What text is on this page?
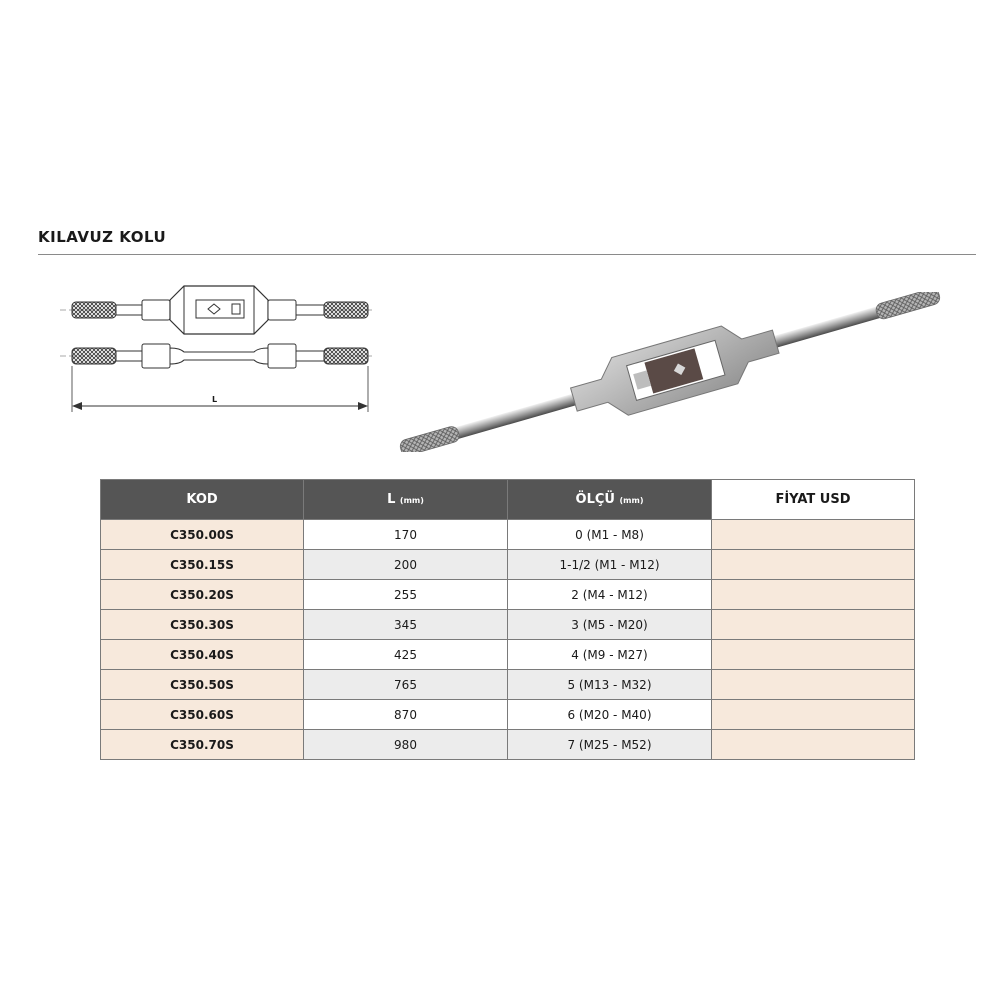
KILAVUZ KOLU
L
KOD	L (mm)	ÖLÇÜ (mm)	FİYAT USD
C350.00S	170	0 (M1 - M8)	
C350.15S	200	1-1/2 (M1 - M12)	
C350.20S	255	2 (M4 - M12)	
C350.30S	345	3 (M5 - M20)	
C350.40S	425	4 (M9 - M27)	
C350.50S	765	5 (M13 - M32)	
C350.60S	870	6 (M20 - M40)	
C350.70S	980	7 (M25 - M52)	
